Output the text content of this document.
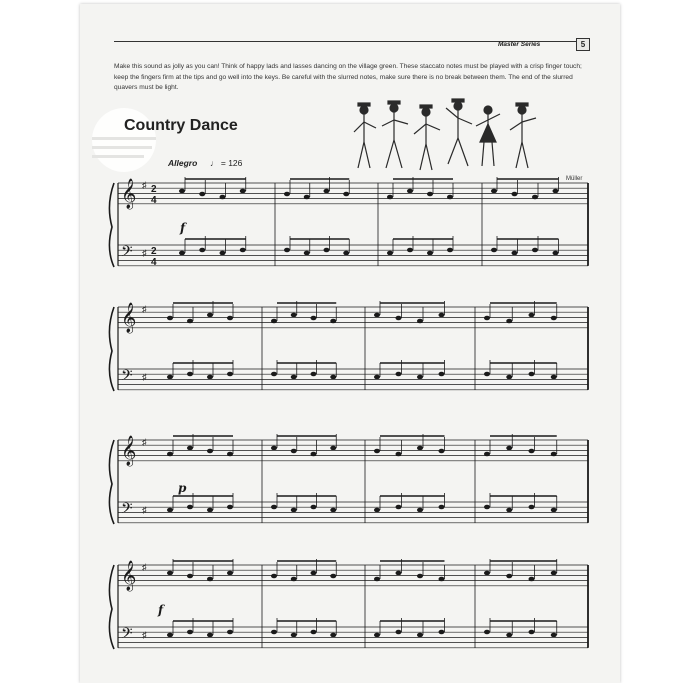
Master Series	5
Make this sound as jolly as you can! Think of happy lads and lasses dancing on the village green. These staccato notes must be played with a crisp finger touch; keep the fingers firm at the tips and go well into the keys. Be careful with the slurred notes, make sure there is no break between them. The end of the slurred quavers must be light.
Country Dance
Allegro ♩ = 126
Müller
𝄞 ♯ 2
4
𝄢 ♯ 2
4
𝄞 ♯
𝄢 ♯
𝄞 ♯
𝄢 ♯
𝄞 ♯
𝄢 ♯
f
p
f
